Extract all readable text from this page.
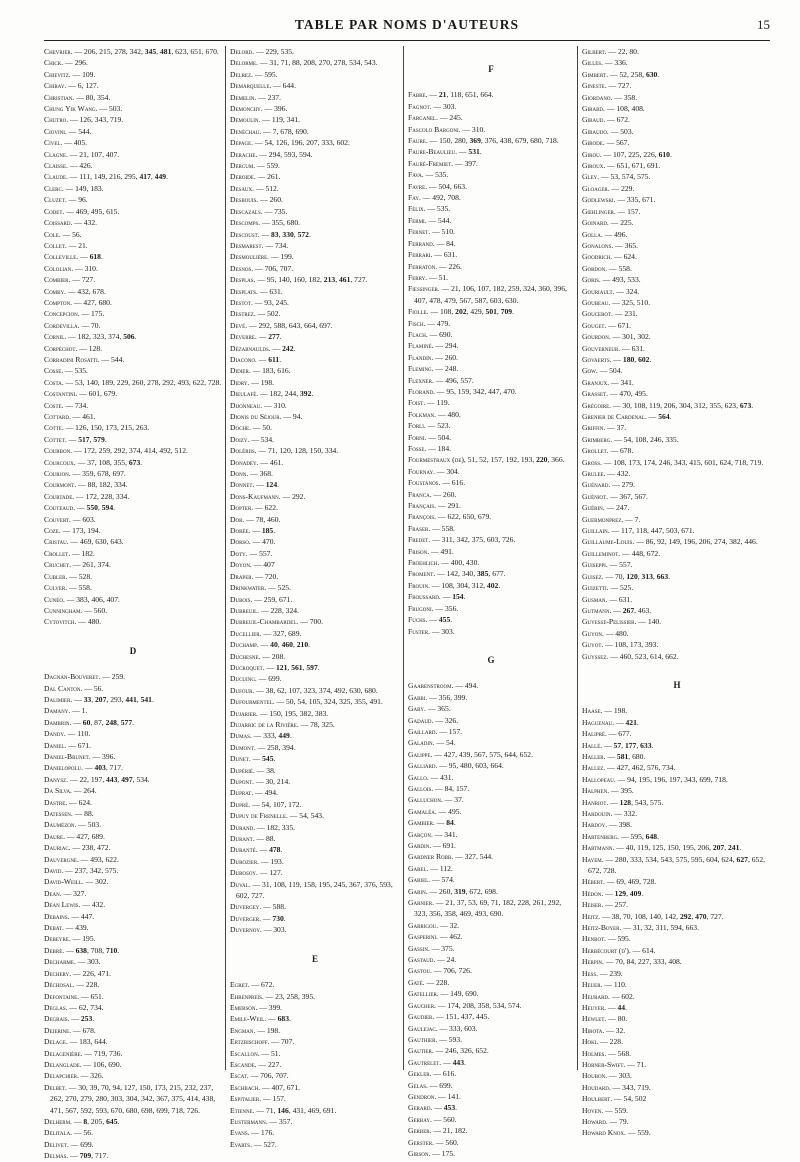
TABLE PAR NOMS D'AUTEURS	15
Chevrier. — 206, 215, 278, 342, 345, 481, 623, 651, 670.
Chick. — 296.
Chievitz. — 109.
Chiray. — 6, 127.
Christian. — 80, 354.
Chung Yik Wang. — 503.
Chutro. — 126, 343, 719.
Ciovini. — 544.
Civel. — 405.
Clagne. — 21, 107, 407.
Claisse. — 426.
Claude. — 111, 149, 216, 295, 417, 449.
Clerc. — 149, 183.
Cluzet. — 96.
Codet. — 469, 495, 615.
Coissard. — 432.
Cole. — 56.
Collet. — 21.
Colleville. — 618.
Cololian. — 310.
Combier. — 727.
Comby. — 432, 678.
Compton. — 427, 680.
Concepcion. — 175.
Cordevilla. — 70.
Cornil. — 182, 323, 374, 506.
Corpéchot. — 128.
Corradini Rosatti. — 544.
Cosse. — 535.
Costa. — 53, 140, 189, 229, 260, 278, 292, 493, 622, 728.
Costantini. — 601, 679.
Coste. — 734.
Cottard. — 461.
Cotte. — 126, 150, 173, 215, 263.
Cottet. — 517, 579.
Courbon. — 172, 259, 292, 374, 414, 492, 512.
Courcoux. — 37, 108, 355, 673.
Courjon. — 359, 678, 697.
Courmont. — 88, 182, 334.
Courtade. — 172, 228, 334.
Couteaud. — 550, 594.
Couvert. — 603.
Coze. — 173, 194.
Cristau. — 469, 630, 643.
Crollet. — 182.
Cruchet. — 261, 374.
Cubler. — 528.
Culver. — 558.
Cunéo. — 383, 406, 407.
Cunningham. — 560.
Cytovitch. — 480.
D
Dagnan-Bouveret. — 259.
Dal Canton. — 56.
Dalimier. — 33, 207, 293, 441, 541.
Damany. — 1.
Dambrin. — 60, 87, 248, 577.
Dandy. — 110.
Daniel. — 671.
Daniel-Brunet. — 396.
Danielopolu. — 403, 717.
Danysz. — 22, 197, 443, 497, 534.
Da Silva. — 264.
Dastre. — 624.
Datessen. — 88.
Daumézon. — 503.
Daure. — 427, 689.
Dauriac. — 238, 472.
Dauvergne. — 493, 622.
David. — 237, 342, 575.
David-Weill. — 302.
Dean. — 327.
Dean Lewis. — 432.
Debains. — 447.
Debat. — 439.
Debeyre. — 195.
Debré. — 638, 708, 710.
Decharme. — 303.
Dechery. — 226, 471.
Déchosal. — 228.
Defontaine. — 651.
Deglas. — 62, 734.
Degrais. — 253.
Dejerine. — 678.
Delage. — 183, 644.
Delagenière. — 719, 736.
Delanglade. — 106, 690.
Delapchier. — 326.
Delbet. — 30, 39, 70, 94, 127, 150, 173, 215, 232, 237, 262, 270, 279, 280, 303, 304, 342, 367, 375, 414, 438, 471, 567, 592, 593, 670, 680, 698, 699, 718, 726.
Delherm. — 8, 205, 645.
Delitala. — 56.
Delivet. — 699.
Delmas. — 709, 717.
Delord. — 229, 535.
Delorme. — 31, 71, 88, 208, 270, 278, 534, 543.
Delrez. — 595.
Demarquelle. — 644.
Demelin. — 237.
Demonchy. — 396.
Demoulin. — 119, 341.
Denéchau. — 7, 678, 690.
Depage. — 54, 126, 196, 207, 333, 602.
Derache. — 294, 593, 594.
Dercum. — 559.
Deroide. — 261.
Desaux. — 512.
Desbouis. — 260.
Descazals. — 735.
Descomps. — 355, 680.
Descoust. — 83, 330, 572.
Desmarest. — 734.
Desmoulière. — 199.
Desnos. — 706, 707.
Desplas. — 95, 140, 160, 182, 213, 461, 727.
Desplats. — 631.
Destot. — 93, 245.
Destrez. — 502.
Devé. — 292, 588, 643, 664, 697.
Deverre. — 277.
Dézarnaulds. — 242.
Diacono. — 611.
Didier. — 183, 616.
Didry. — 198.
Dieulafé. — 182, 244, 392.
Dijonneau. — 310.
Dionis du Séjour. — 94.
Doche. — 50.
Doizy. — 534.
Dolériis. — 71, 120, 128, 150, 334.
Donadey. — 461.
Donn. — 368.
Donnet. — 124.
Dons-Kaufmann. — 292.
Dopter. — 622.
Dor. — 78, 460.
Dorée. — 185.
Dorso. — 470.
Doty. — 557.
Doyon. — 407
Draper. — 720.
Drinkwater. — 525.
Dubois. — 259, 671.
Dubreuil. — 228, 324.
Dubreuil-Chambardel. — 700.
Ducellier. — 327, 689.
Duchamp. — 40, 460, 210.
Duchesne. — 208.
Ducroquet. — 121, 561, 597.
Ducuing. — 699.
Dufour. — 38, 62, 107, 323, 374, 492, 630, 680.
Dufourmentel. — 50, 54, 105, 324, 325, 355, 491.
Dujarier. — 150, 195, 382, 383.
Dujarric de la Rivière. — 78, 325.
Dumas. — 333, 449.
Dumont. — 258, 394.
Dunet. — 545.
Dupérié. — 38.
Dupont. — 30, 214.
Duprat. — 494.
Dupré. — 54, 107, 172.
Dupuy de Frenelle. — 54, 543.
Durand. — 182, 335.
Durant. — 88.
Duranté. — 478.
Durozier. — 193.
Durosoy. — 127.
Duval. — 31, 108, 119, 158, 195, 245, 367, 376, 593, 602, 727.
Duvergey. — 588.
Duverger. — 730.
Duvernoy. — 303.
E
Egret. — 672.
Ehrenpreis. — 23, 258, 395.
Emerson. — 399.
Emile-Weil. — 683.
Engman. — 198.
Ertzbischoff. — 707.
Escallon. — 51.
Escande. — 227.
Escat. — 706, 707.
Eschbach. — 407, 671.
Espitalier. — 157.
Etienne. — 71, 146, 431, 469, 691.
Eustermann. — 357.
Evans. — 176.
Evarts. — 527.
F
Fabre. — 21, 118, 651, 664.
Fagnot. — 303.
Farganel. — 245.
Fascolo Bargoni. — 310.
Faure. — 150, 280, 369, 376, 438, 679, 680, 718.
Faure-Beaulieu. — 531.
Fauré-Fremiet. — 397.
Fava. — 535.
Favre. — 504, 663.
Fay. — 492, 708.
Félix. — 535.
Fermi. — 544.
Fernet. — 510.
Ferrand. — 84.
Ferrari. — 631.
Ferraton. — 226.
Ferry. — 51.
Fiessinger. — 21, 106, 107, 182, 259, 324, 360, 396, 407, 478, 479, 567, 587, 603, 630.
Fiolle. — 108, 202, 429, 501, 709.
Fisch. — 479.
Flach. — 690.
Flaminé. — 294.
Flandin. — 260.
Fleming. — 248.
Flexner. — 496, 557.
Florand. — 95, 159, 342, 447, 470.
Foist. — 119.
Folkman. — 480.
Forli. — 523.
Forni. — 504.
Fosse. — 184.
Fourmestraux (de), 51, 52, 157, 192, 193, 220, 366.
Fournay. — 304.
Foustanos. — 616.
Franca. — 260.
Français. — 291.
François. — 622, 650, 679.
Fraser. — 558.
Fredet. — 311, 342, 375, 603, 726.
Frison. — 491.
Froehlich. — 400, 430.
Froment. — 142, 340, 385, 677.
Frouin. — 108, 304, 312, 402.
Froussard. — 154.
Frugoni. — 356.
Fuchs. — 455.
Fuster. — 303.
G
Gaarenstroom. — 494.
Gabbi. — 356, 399.
Gaby. — 365.
Gadaud. — 326.
Gaillard. — 157.
Galadin. — 54.
Galippe. — 427, 439, 567, 575, 644, 652.
Galliard. — 95, 480, 603, 664.
Gallo. — 431.
Gallois. — 84, 157.
Galluchon. — 37.
Gamaléa. — 495.
Gambier. — 84.
Garçon. — 341.
Gardin. — 691.
Gardner Robb. — 327, 544.
Garel. — 112.
Gariel. — 574.
Garin. — 260, 319, 672, 698.
Garnier. — 21, 37, 53, 69, 71, 182, 228, 261, 292, 323, 356, 358, 469, 493, 690.
Garrigou. — 32.
Gasperini. — 462.
Gassin. — 375.
Gastaud. — 24.
Gastou. — 706, 726.
Gaté. — 228.
Gatellier. — 149, 690.
Gaucher. — 174, 208, 358, 534, 574.
Gaudier. — 151, 437, 445.
Gaulejac. — 333, 603.
Gauthier. — 593.
Gautier. — 246, 326, 652.
Gautrelet. — 443.
Gekler. — 616.
Gelas. — 699.
Gendron. — 141.
Gerard. — 453.
Gerbay. — 560.
Gerber. — 21, 182.
Gerster. — 560.
Gibson. — 175.
Gilbert. — 22, 80.
Gilles. — 336.
Gimbert. — 52, 258, 630.
Gineste. — 727.
Giordano. — 358.
Girard. — 108, 408.
Giraud. — 672.
Giraudo. — 503.
Girode. — 567.
Girou. — 107, 225, 226, 610.
Giroux. — 651, 671, 691.
Gley. — 53, 574, 575.
Gloager. — 229.
Godlewski. — 335, 671.
Gœhlinger. — 157.
Goinard. — 225.
Golla. — 496.
Gonalons. — 365.
Goodrich. — 624.
Gordon. — 558.
Goris. — 493, 533.
Gouriault. — 324.
Goubeau. — 325, 510.
Goucerot. — 231.
Gouget. — 671.
Gourdon. — 301, 302.
Gouverneur. — 631.
Govaerts. — 180, 602.
Gow. — 504.
Granjux. — 341.
Grasset. — 470, 495.
Grégoire. — 30, 108, 119, 206, 304, 312, 355, 623, 673.
Grenier de Cardenal. — 564.
Griffin. — 37.
Grimberg. — 54, 108, 246, 335.
Grollet. — 678.
Gross. — 108, 173, 174, 246, 343, 415, 601, 624, 718, 719.
Grulee. — 432.
Guénard. — 279.
Guéniot. — 367, 567.
Guérin. — 247.
Guermonprez. — 7.
Guillain. — 117, 118, 447, 503, 671.
Guillaume-Louis. — 86, 92, 149, 196, 206, 274, 382, 446.
Guilleminot. — 448, 672.
Guiseppi. — 557.
Guisez. — 70, 120, 313, 663.
Guizetti. — 525.
Gusman. — 631.
Gutmann. — 267, 463.
Guyesse-Pelissier. — 140.
Guyon. — 480.
Guyot. — 108, 173, 393.
Guyssez. — 460, 523, 614, 662.
H
Haase. — 198.
Haguenau. — 421.
Halipré. — 677.
Hallé. — 57, 177, 633.
Haller. — 581, 680.
Hallez. — 427, 462, 576, 734.
Hallopeau. — 94, 195, 196, 197, 343, 699, 718.
Halphen. — 395.
Hanriot. — 128, 543, 575.
Hardouin. — 332.
Hardoy. — 398.
Hartenberg. — 595, 648.
Hartmann. — 40, 119, 125, 150, 195, 206, 207, 241.
Hayem. — 280, 333, 534, 543, 575, 595, 604, 624, 627, 652, 672, 728.
Hébert. — 69, 469, 728.
Hédon. — 129, 409.
Heiser. — 257.
Heitz. — 38, 70, 108, 140, 142, 292, 470, 727.
Heitz-Boyer. — 31, 32, 311, 594, 663.
Henrot. — 595.
Herbécourt (d'). — 614.
Herpin. — 70, 84, 227, 333, 408.
Hess. — 239.
Heuer. — 110.
Heurard. — 602.
Heuyer. — 44.
Hewlet. — 80.
Hirota. — 32.
Hoki. — 228.
Holmes. — 568.
Horner-Swift. — 71.
Houbon. — 303.
Houdard. — 343, 719.
Houlbert. — 54, 502
Hoven. — 559.
Howard. — 79.
Howard Knox. — 559.
